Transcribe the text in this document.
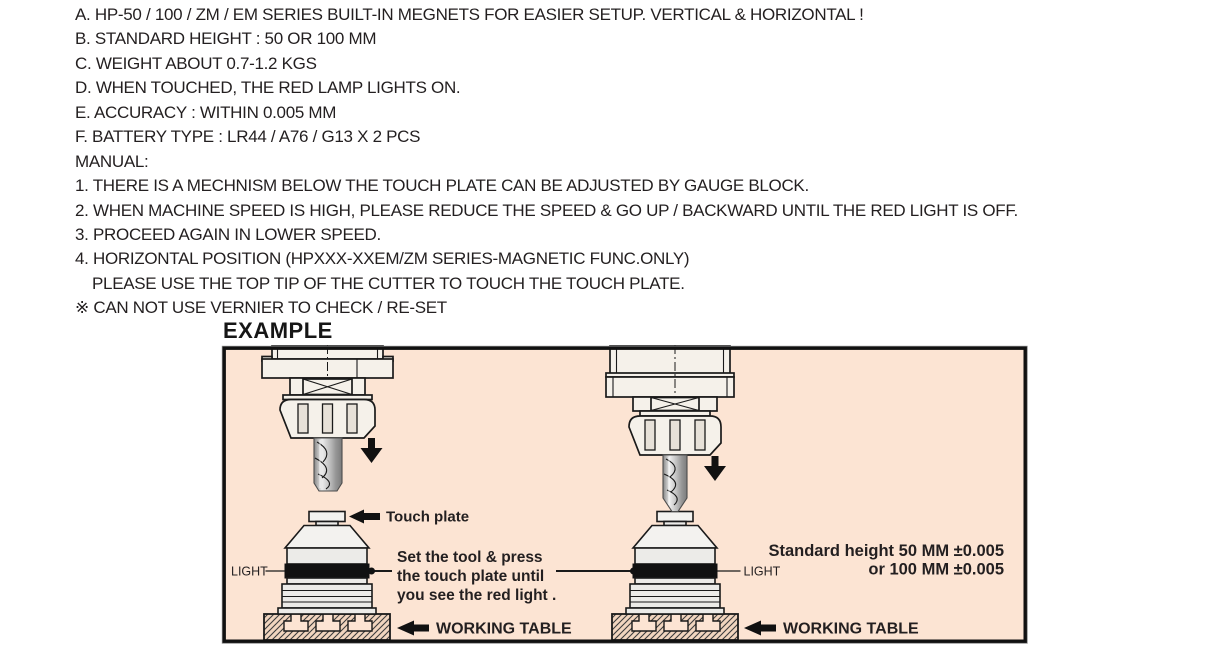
A. HP-50 / 100 / ZM / EM SERIES BUILT-IN MEGNETS FOR EASIER SETUP. VERTICAL & HORIZONTAL !
B. STANDARD HEIGHT : 50 OR 100 MM
C. WEIGHT ABOUT 0.7-1.2 KGS
D. WHEN TOUCHED, THE RED LAMP LIGHTS ON.
E. ACCURACY : WITHIN 0.005 MM
F. BATTERY TYPE : LR44 / A76 / G13 X 2 PCS
MANUAL:
1. THERE IS A MECHNISM BELOW THE TOUCH PLATE CAN BE ADJUSTED BY GAUGE BLOCK.
2. WHEN MACHINE SPEED IS HIGH, PLEASE REDUCE THE SPEED & GO UP / BACKWARD UNTIL THE RED LIGHT IS OFF.
3. PROCEED AGAIN IN LOWER SPEED.
4. HORIZONTAL POSITION (HPXXX-XXEM/ZM SERIES-MAGNETIC FUNC.ONLY)
PLEASE USE THE TOP TIP OF THE CUTTER TO TOUCH THE TOUCH PLATE.
※ CAN NOT USE VERNIER TO CHECK / RE-SET
EXAMPLE
Touch plate
Set the tool & press
the touch plate until
you see the red light .
LIGHT	LIGHT
Standard height 50 MM ±0.005
or 100 MM ±0.005
WORKING TABLE	WORKING TABLE
